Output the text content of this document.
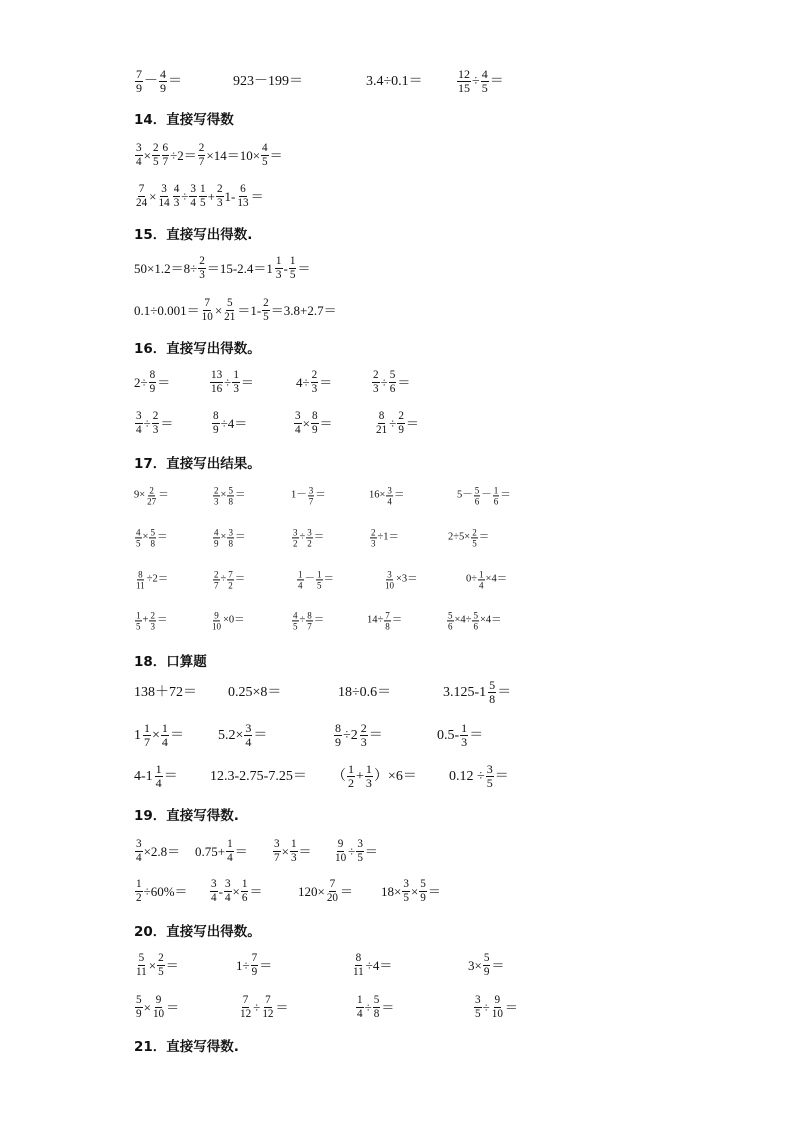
$\frac{7}{9} - \frac{4}{9}$ ＝	923－199＝	3.4÷0.1＝	$\frac{12}{15} \div \frac{4}{5}$ ＝
14．直接写得数
$\frac{3}{4} \times \frac{2}{5} \frac{6}{7} \div 2= \frac{2}{7} \times 14=10\times \frac{4}{5}$ ＝
$\frac{7}{24} \times \frac{3}{14} \frac{4}{3} \div \frac{3}{4} \frac{1}{5} + \frac{2}{3} 1- \frac{6}{13}$ ＝
15．直接写出得数.
$50\times 1.2=8\div \frac{2}{3} =15-2.4= 1 \frac{1}{3} - \frac{1}{5}$ ＝
$0.1\div 0.001= \frac{7}{10} \times \frac{5}{21} =1- \frac{2}{5} =3.8+2.7=$
16．直接写出得数。
$2\div \frac{8}{9}$ ＝	$\frac{13}{16} \div \frac{1}{3}$ ＝	$4\div \frac{2}{3}$ ＝	$\frac{2}{3} \div \frac{5}{6}$ ＝
$\frac{3}{4} \div \frac{2}{3}$ ＝	$\frac{8}{9} \div 4=$	$\frac{3}{4} \times \frac{8}{9}$ ＝	$\frac{8}{21} \div \frac{2}{9}$ ＝
17．直接写出结果。
$9\times \frac{2}{27}$ ＝	$\frac{2}{3} \times \frac{5}{8}$ ＝	$1- \frac{3}{7}$ ＝	$16\times \frac{3}{4}$ ＝	$5- \frac{5}{6} - \frac{1}{6}$ ＝
$\frac{4}{5} \times \frac{5}{8}$ ＝	$\frac{4}{9} \times \frac{3}{8}$ ＝	$\frac{3}{2} \div \frac{3}{2}$ ＝	$\frac{2}{3} \div 1=$	$2\div 5\times \frac{2}{5}$ ＝
$\frac{8}{11} \div 2=$	$\frac{2}{7} \div \frac{7}{2}$ ＝	$\frac{1}{4} - \frac{1}{5}$ ＝	$\frac{3}{10} \times 3=$	$0\div \frac{1}{4} \times 4=$
$\frac{1}{5} + \frac{2}{3}$ ＝	$\frac{9}{10} \times 0=$	$\frac{4}{5} \div \frac{8}{7}$ ＝	$14\div \frac{7}{8}$ ＝	$\frac{5}{6} \times 4\div \frac{5}{6} \times 4=$
18．口算题
138＋72＝ 0.25×8＝	18÷0.6＝	3.125- $1 \frac{5}{8}$ ＝
$1 \frac{1}{7} \times \frac{1}{4} = 5.2\times \frac{3}{4}$ ＝	$\frac{8}{9} \div 2 \frac{2}{3}$ ＝	$0.5- \frac{1}{3}$ ＝
4- $1 \frac{1}{4} = 12.3-2.75-7.25=$ （ $\frac{1}{2} + \frac{1}{3} )\times 6= 0.12 \div \frac{3}{5}$ ＝
19．直接写得数.
$\frac{3}{4} \times 2.8= 0.75+ \frac{1}{4} = \frac{3}{7} \times \frac{1}{3} = \frac{9}{10} \div \frac{3}{5}$ ＝
$\frac{1}{2} \div 60\%= \frac{3}{4} - \frac{3}{4} \times \frac{1}{6}$ ＝	$120\times \frac{7}{20} = 18\times \frac{3}{5} \times \frac{5}{9}$ ＝
20．直接写出得数。
$\frac{5}{11} \times \frac{2}{5}$ ＝	$1\div \frac{7}{9}$ ＝	$\frac{8}{11} \div 4=$	$3\times \frac{5}{9}$ ＝
$\frac{5}{9} \times \frac{9}{10}$ ＝	$\frac{7}{12} \div \frac{7}{12}$ ＝	$\frac{1}{4} \div \frac{5}{8}$ ＝	$\frac{3}{5} \div \frac{9}{10}$ ＝
21．直接写得数.
